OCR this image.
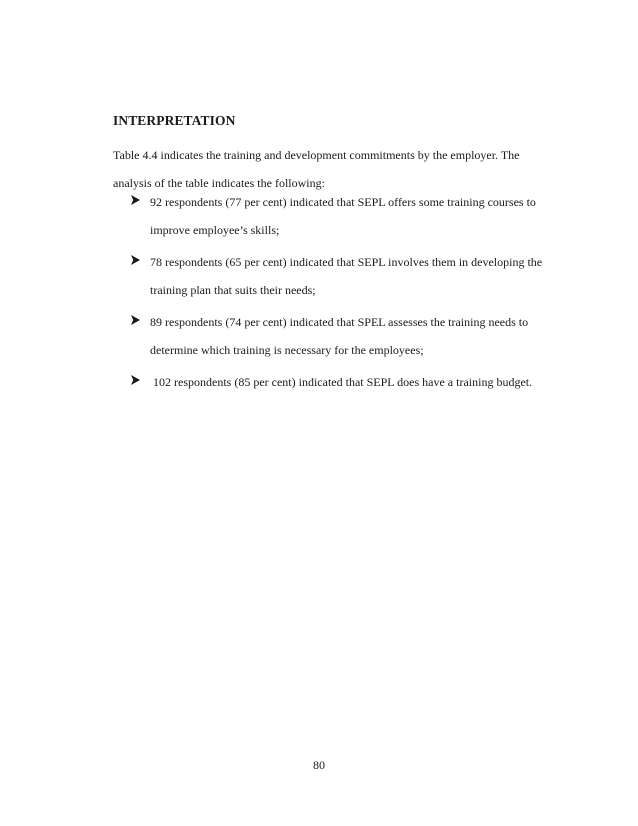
INTERPRETATION
Table 4.4 indicates the training and development commitments by the employer. The
analysis of the table indicates the following:
92 respondents (77 per cent) indicated that SEPL offers some training courses to
improve employee’s skills;
78 respondents (65 per cent) indicated that SEPL involves them in developing the
training plan that suits their needs;
89 respondents (74 per cent) indicated that SPEL assesses the training needs to
determine which training is necessary for the employees;
102 respondents (85 per cent) indicated that SEPL does have a training budget.
80
